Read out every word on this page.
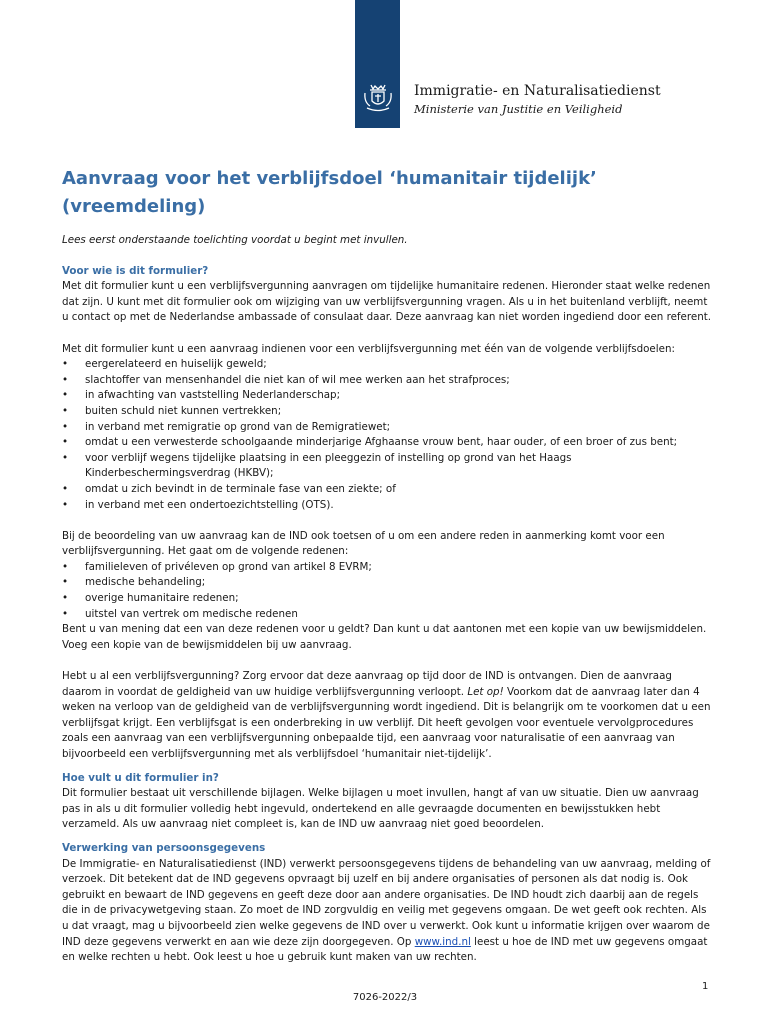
Immigratie- en Naturalisatiedienst
Ministerie van Justitie en Veiligheid
Aanvraag voor het verblijfsdoel ‘humanitair tijdelijk’ (vreemdeling)

Lees eerst onderstaande toelichting voordat u begint met invullen.

Voor wie is dit formulier?

Met dit formulier kunt u een verblijfsvergunning aanvragen om tijdelijke humanitaire redenen. Hieronder staat welke redenen dat zijn. U kunt met dit formulier ook om wijziging van uw verblijfsvergunning vragen. Als u in het buitenland verblijft, neemt u contact op met de Nederlandse ambassade of consulaat daar. Deze aanvraag kan niet worden ingediend door een referent.

Met dit formulier kunt u een aanvraag indienen voor een verblijfsvergunning met één van de volgende verblijfsdoelen:

• eergerelateerd en huiselijk geweld;
• slachtoffer van mensenhandel die niet kan of wil mee werken aan het strafproces;
• in afwachting van vaststelling Nederlanderschap;
• buiten schuld niet kunnen vertrekken;
• in verband met remigratie op grond van de Remigratiewet;
• omdat u een verwesterde schoolgaande minderjarige Afghaanse vrouw bent, haar ouder, of een broer of zus bent;
• voor verblijf wegens tijdelijke plaatsing in een pleeggezin of instelling op grond van het Haags Kinderbeschermingsverdrag (HKBV);
• omdat u zich bevindt in de terminale fase van een ziekte; of
• in verband met een ondertoezichtstelling (OTS).

Bij de beoordeling van uw aanvraag kan de IND ook toetsen of u om een andere reden in aanmerking komt voor een verblijfsvergunning. Het gaat om de volgende redenen:

• familieleven of privéleven op grond van artikel 8 EVRM;
• medische behandeling;
• overige humanitaire redenen;
• uitstel van vertrek om medische redenen

Bent u van mening dat een van deze redenen voor u geldt? Dan kunt u dat aantonen met een kopie van uw bewijsmiddelen. Voeg een kopie van de bewijsmiddelen bij uw aanvraag.

Hebt u al een verblijfsvergunning? Zorg ervoor dat deze aanvraag op tijd door de IND is ontvangen. Dien de aanvraag daarom in voordat de geldigheid van uw huidige verblijfsvergunning verloopt. Let op! Voorkom dat de aanvraag later dan 4 weken na verloop van de geldigheid van de verblijfsvergunning wordt ingediend. Dit is belangrijk om te voorkomen dat u een verblijfsgat krijgt. Een verblijfsgat is een onderbreking in uw verblijf. Dit heeft gevolgen voor eventuele vervolgprocedures zoals een aanvraag van een verblijfsvergunning onbepaalde tijd, een aanvraag voor naturalisatie of een aanvraag van bijvoorbeeld een verblijfsvergunning met als verblijfsdoel ‘humanitair niet-tijdelijk’.

Hoe vult u dit formulier in?

Dit formulier bestaat uit verschillende bijlagen. Welke bijlagen u moet invullen, hangt af van uw situatie. Dien uw aanvraag pas in als u dit formulier volledig hebt ingevuld, ondertekend en alle gevraagde documenten en bewijsstukken hebt verzameld. Als uw aanvraag niet compleet is, kan de IND uw aanvraag niet goed beoordelen.

Verwerking van persoonsgegevens

De Immigratie- en Naturalisatiedienst (IND) verwerkt persoonsgegevens tijdens de behandeling van uw aanvraag, melding of verzoek. Dit betekent dat de IND gegevens opvraagt bij uzelf en bij andere organisaties of personen als dat nodig is. Ook gebruikt en bewaart de IND gegevens en geeft deze door aan andere organisaties. De IND houdt zich daarbij aan de regels die in de privacywetgeving staan. Zo moet de IND zorgvuldig en veilig met gegevens omgaan. De wet geeft ook rechten. Als u dat vraagt, mag u bijvoorbeeld zien welke gegevens de IND over u verwerkt. Ook kunt u informatie krijgen over waarom de IND deze gegevens verwerkt en aan wie deze zijn doorgegeven. Op www.ind.nl leest u hoe de IND met uw gegevens omgaat en welke rechten u hebt. Ook leest u hoe u gebruik kunt maken van uw rechten.

1
7026-2022/3
